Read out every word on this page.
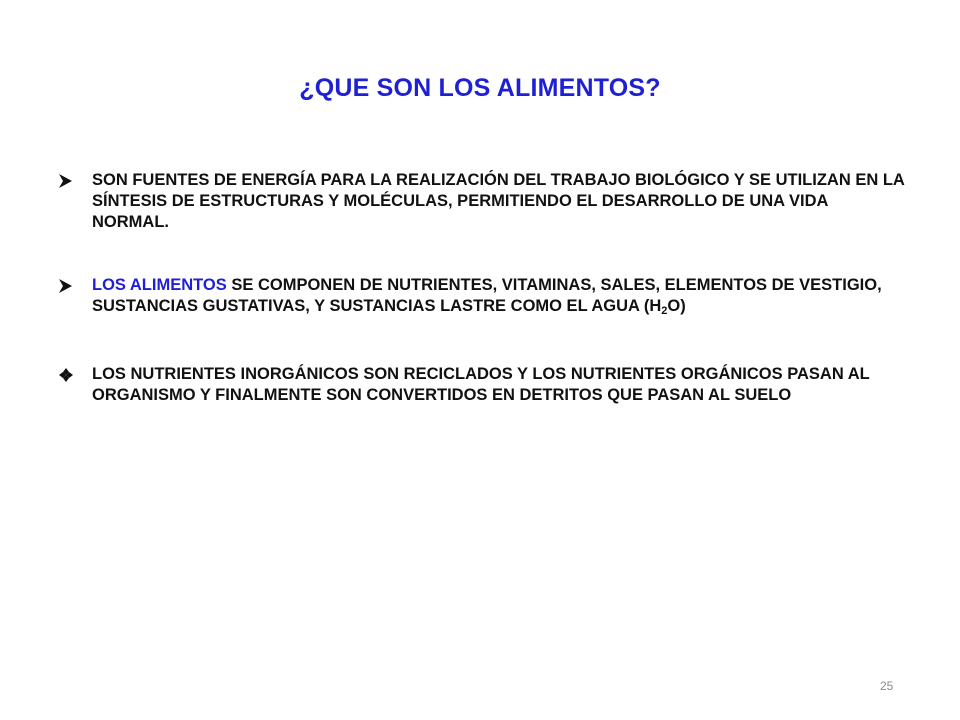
¿QUE SON LOS ALIMENTOS?
SON FUENTES DE ENERGÍA PARA LA REALIZACIÓN DEL TRABAJO BIOLÓGICO Y SE UTILIZAN EN LA SÍNTESIS DE ESTRUCTURAS Y MOLÉCULAS, PERMITIENDO EL DESARROLLO DE UNA VIDA NORMAL.
LOS ALIMENTOS SE COMPONEN DE NUTRIENTES, VITAMINAS, SALES, ELEMENTOS DE VESTIGIO, SUSTANCIAS GUSTATIVAS, Y SUSTANCIAS LASTRE COMO EL AGUA $(H_2O)$
LOS NUTRIENTES INORGÁNICOS SON RECICLADOS Y LOS NUTRIENTES ORGÁNICOS PASAN AL ORGANISMO Y FINALMENTE SON CONVERTIDOS EN DETRITOS QUE PASAN AL SUELO
25
